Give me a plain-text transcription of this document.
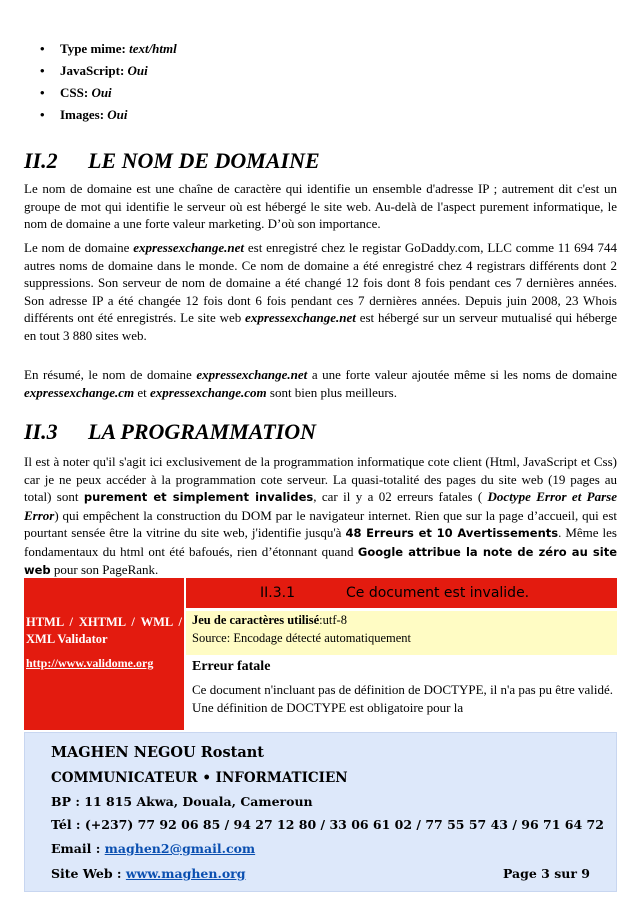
• Type mime: text/html
• JavaScript: Oui
• CSS: Oui
• Images: Oui
II.2 LE NOM DE DOMAINE

Le nom de domaine est une chaîne de caractère qui identifie un ensemble d'adresse IP ; autrement dit c'est un groupe de mot qui identifie le serveur où est hébergé le site web. Au-delà de l'aspect purement informatique, le nom de domaine a une forte valeur marketing. D’où son importance.

Le nom de domaine expressexchange.net est enregistré chez le registar GoDaddy.com, LLC comme 11 694 744 autres noms de domaine dans le monde. Ce nom de domaine a été enregistré chez 4 registrars différents dont 2 suppressions. Son serveur de nom de domaine a été changé 12 fois dont 8 fois pendant ces 7 dernières années. Son adresse IP a été changée 12 fois dont 6 fois pendant ces 7 dernières années. Depuis juin 2008, 23 Whois différents ont été enregistrés. Le site web expressexchange.net est hébergé sur un serveur mutualisé qui héberge en tout 3 880 sites web.

En résumé, le nom de domaine expressexchange.net a une forte valeur ajoutée même si les noms de domaine expressexchange.cm et expressexchange.com sont bien plus meilleurs.

II.3 LA PROGRAMMATION

Il est à noter qu'il s'agit ici exclusivement de la programmation informatique cote client (Html, JavaScript et Css) car je ne peux accéder à la programmation cote serveur. La quasi-totalité des pages du site web (19 pages au total) sont purement et simplement invalides, car il y a 02 erreurs fatales ( Doctype Error et Parse Error) qui empêchent la construction du DOM par le navigateur internet. Rien que sur la page d’accueil, qui est pourtant sensée être la vitrine du site web, j'identifie jusqu'à 48 Erreurs et 10 Avertissements. Même les fondamentaux du html ont été bafoués, rien d’étonnant quand Google attribue la note de zéro au site web pour son PageRank.

HTML / XHTML / WML / XML Validator
http://www.validome.org
II.3.1	Ce document est invalide.
Jeu de caractères utilisé:utf-8
Source: Encodage détecté automatiquement
Erreur fatale
Ce document n'incluant pas de définition de DOCTYPE, il n'a pas pu être validé. Une définition de DOCTYPE est obligatoire pour la
MAGHEN NEGOU Rostant
COMMUNICATEUR • INFORMATICIEN
BP : 11 815 Akwa, Douala, Cameroun
Tél : (+237) 77 92 06 85 / 94 27 12 80 / 33 06 61 02 / 77 55 57 43 / 96 71 64 72
Email : maghen2@gmail.com
Site Web : www.maghen.org	Page 3 sur 9
